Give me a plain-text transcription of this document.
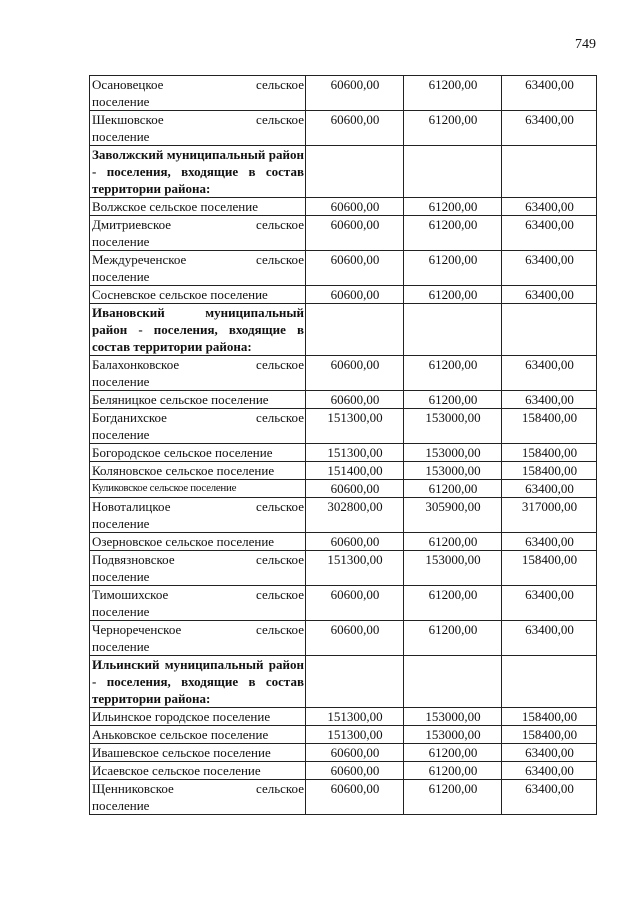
749
Осановецкое сельское
поселение	60600,00	61200,00	63400,00

Шекшовское сельское
поселение	60600,00	61200,00	63400,00
Заволжский муниципальный район - поселения, входящие в состав территории района:			
Волжское сельское поселение	60600,00	61200,00	63400,00

Дмитриевское сельское
поселение	60600,00	61200,00	63400,00

Междуреченское сельское
поселение	60600,00	61200,00	63400,00
Сосневское сельское поселение	60600,00	61200,00	63400,00
Ивановский муниципальный район - поселения, входящие в состав территории района:			

Балахонковское сельское
поселение	60600,00	61200,00	63400,00
Беляницкое сельское поселение	60600,00	61200,00	63400,00

Богданихское сельское
поселение	151300,00	153000,00	158400,00
Богородское сельское поселение	151300,00	153000,00	158400,00
Коляновское сельское поселение	151400,00	153000,00	158400,00
Куликовское сельское поселение	60600,00	61200,00	63400,00

Новоталицкое сельское
поселение	302800,00	305900,00	317000,00
Озерновское сельское поселение	60600,00	61200,00	63400,00

Подвязновское сельское
поселение	151300,00	153000,00	158400,00

Тимошихское сельское
поселение	60600,00	61200,00	63400,00

Чернореченское сельское
поселение	60600,00	61200,00	63400,00
Ильинский муниципальный район - поселения, входящие в состав территории района:			
Ильинское городское поселение	151300,00	153000,00	158400,00
Аньковское сельское поселение	151300,00	153000,00	158400,00
Ивашевское сельское поселение	60600,00	61200,00	63400,00
Исаевское сельское поселение	60600,00	61200,00	63400,00

Щенниковское сельское
поселение	60600,00	61200,00	63400,00
